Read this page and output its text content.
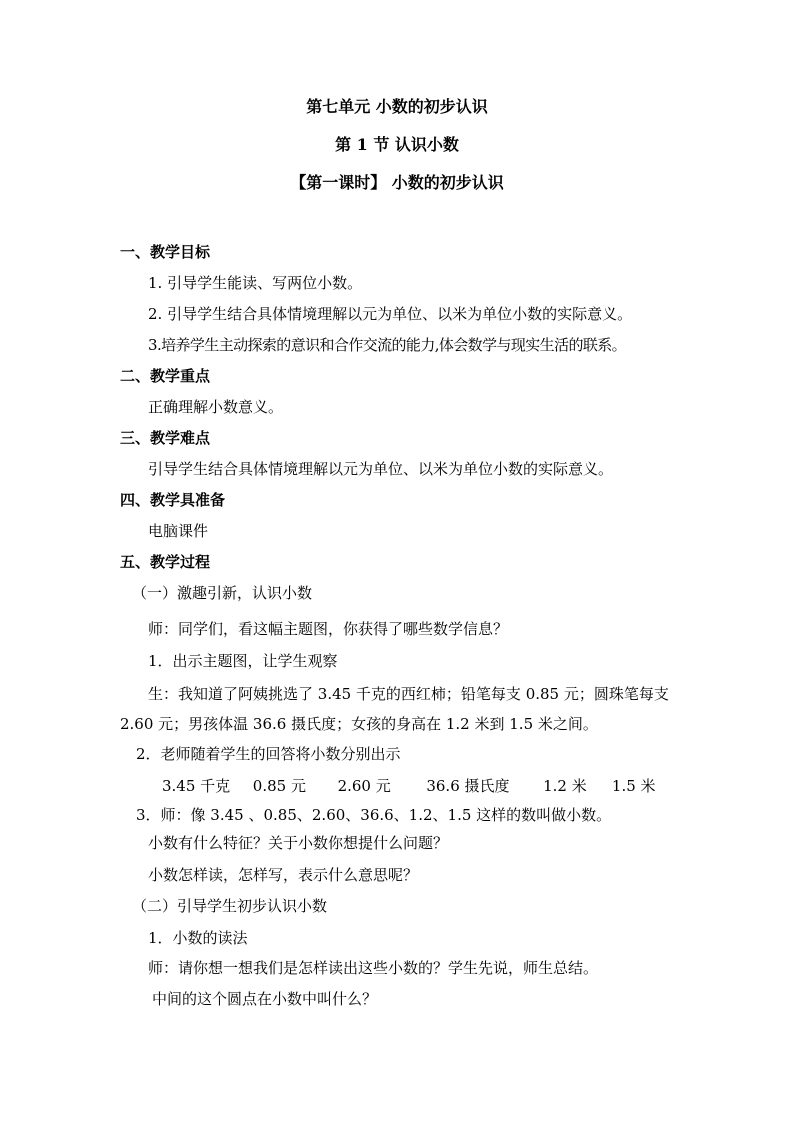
第七单元 小数的初步认识
第 1 节 认识小数
【第一课时】 小数的初步认识
一、教学目标
1. 引导学生能读、写两位小数。
2. 引导学生结合具体情境理解以元为单位、以米为单位小数的实际意义。
3.培养学生主动探索的意识和合作交流的能力,体会数学与现实生活的联系。
二、教学重点
正确理解小数意义。
三、教学难点
引导学生结合具体情境理解以元为单位、以米为单位小数的实际意义。
四、教学具准备
电脑课件
五、教学过程
（一）激趣引新，认识小数
师：同学们，看这幅主题图，你获得了哪些数学信息？
1．出示主题图，让学生观察
生：我知道了阿姨挑选了 3.45 千克的西红柿；铅笔每支 0.85 元；圆珠笔每支
2.60 元；男孩体温 36.6 摄氏度；女孩的身高在 1.2 米到 1.5 米之间。
2．老师随着学生的回答将小数分别出示
3.45 千克 0.85 元 2.60 元 36.6 摄氏度 1.2 米 1.5 米
3．师：像 3.45 、0.85、2.60、36.6、1.2、1.5 这样的数叫做小数。
小数有什么特征？关于小数你想提什么问题？
小数怎样读，怎样写，表示什么意思呢？
（二）引导学生初步认识小数
1．小数的读法
师：请你想一想我们是怎样读出这些小数的？学生先说，师生总结。
中间的这个圆点在小数中叫什么？
